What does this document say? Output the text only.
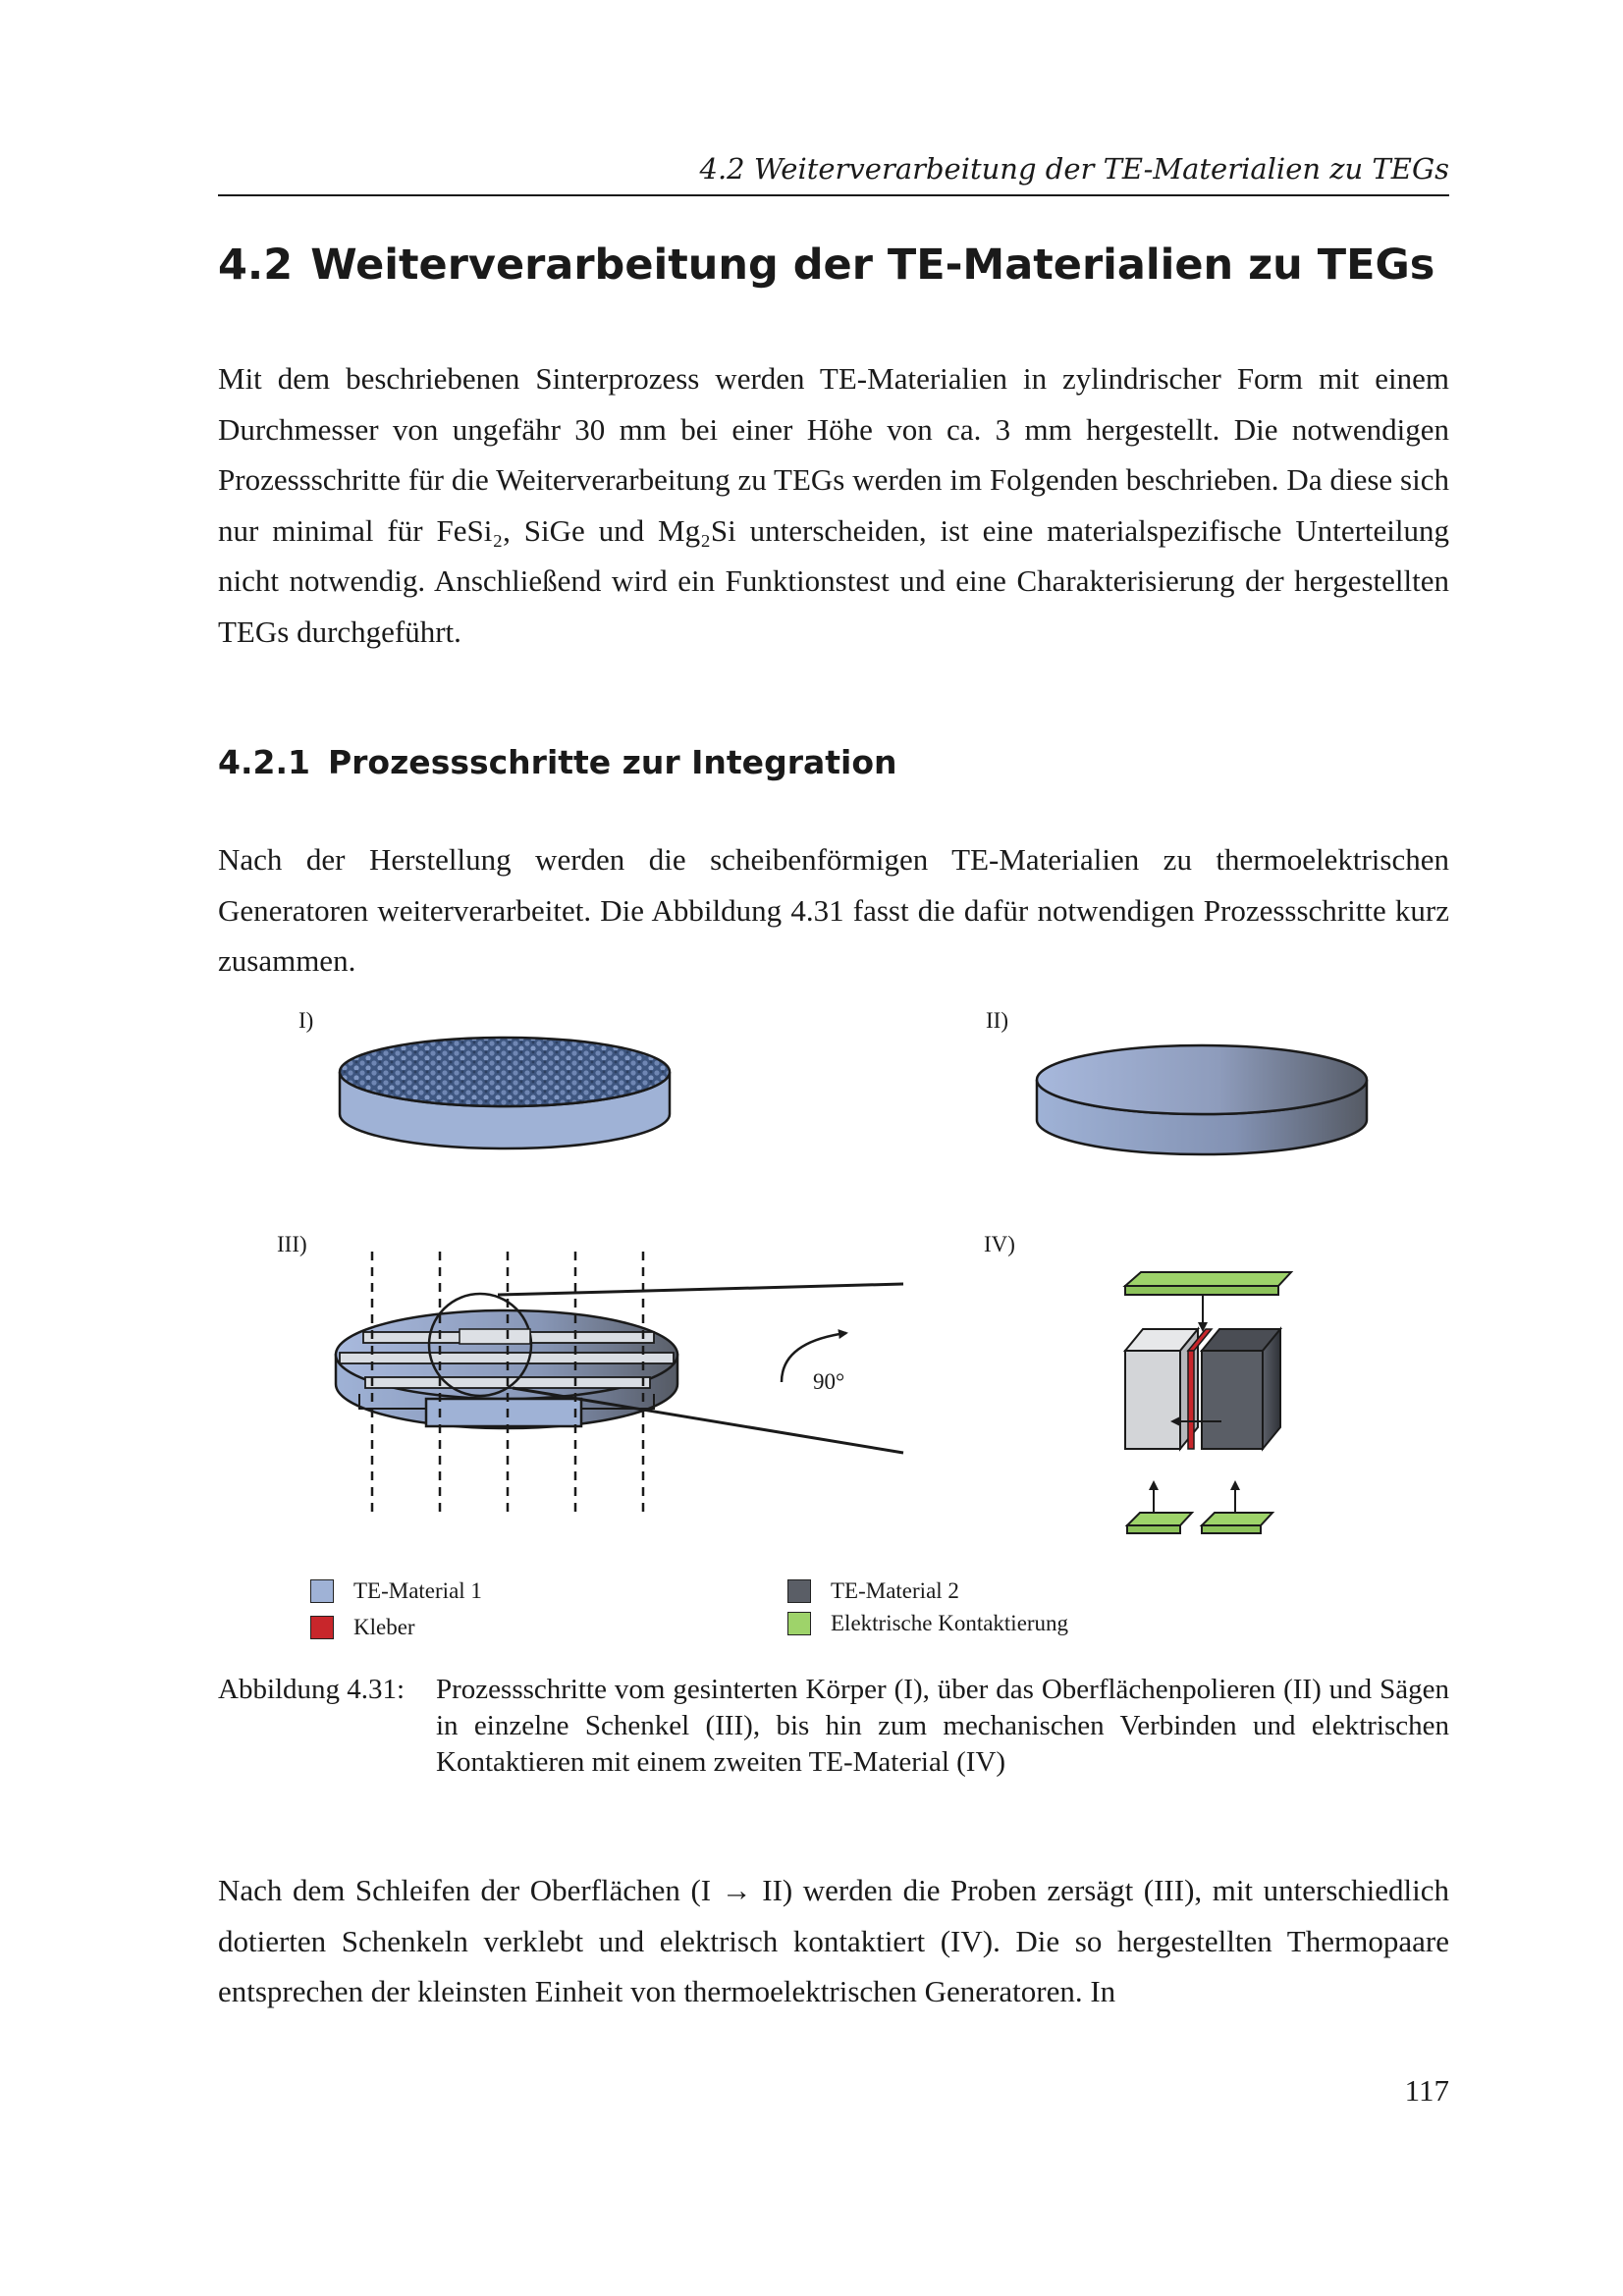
4.2 Weiterverarbeitung der TE-Materialien zu TEGs
4.2 Weiterverarbeitung der TE-Materialien zu TEGs

Mit dem beschriebenen Sinterprozess werden TE-Materialien in zylindrischer Form mit einem Durchmesser von ungefähr 30 mm bei einer Höhe von ca. 3 mm hergestellt. Die notwendigen Prozessschritte für die Weiterverarbeitung zu TEGs werden im Folgenden beschrieben. Da diese sich nur minimal für FeSi₂, SiGe und Mg₂Si unterscheiden, ist eine materialspezifische Unterteilung nicht notwendig. Anschließend wird ein Funktionstest und eine Charakterisierung der hergestellten TEGs durchgeführt.

4.2.1 Prozessschritte zur Integration

Nach der Herstellung werden die scheibenförmigen TE-Materialien zu thermoelektrischen Generatoren weiterverarbeitet. Die Abbildung 4.31 fasst die dafür notwendigen Prozessschritte kurz zusammen.

I)	II)
III)
90°
IV)
TE-Material 1
Kleber
TE-Material 2
Elektrische Kontaktierung
Abbildung 4.31: Prozessschritte vom gesinterten Körper (I), über das Oberflächenpolieren (II) und Sägen in einzelne Schenkel (III), bis hin zum mechanischen Verbinden und elektrischen Kontaktieren mit einem zweiten TE-Material (IV)

Nach dem Schleifen der Oberflächen (I → II) werden die Proben zersägt (III), mit unterschiedlich dotierten Schenkeln verklebt und elektrisch kontaktiert (IV). Die so hergestellten Thermopaare entsprechen der kleinsten Einheit von thermoelektrischen Generatoren. In

117
